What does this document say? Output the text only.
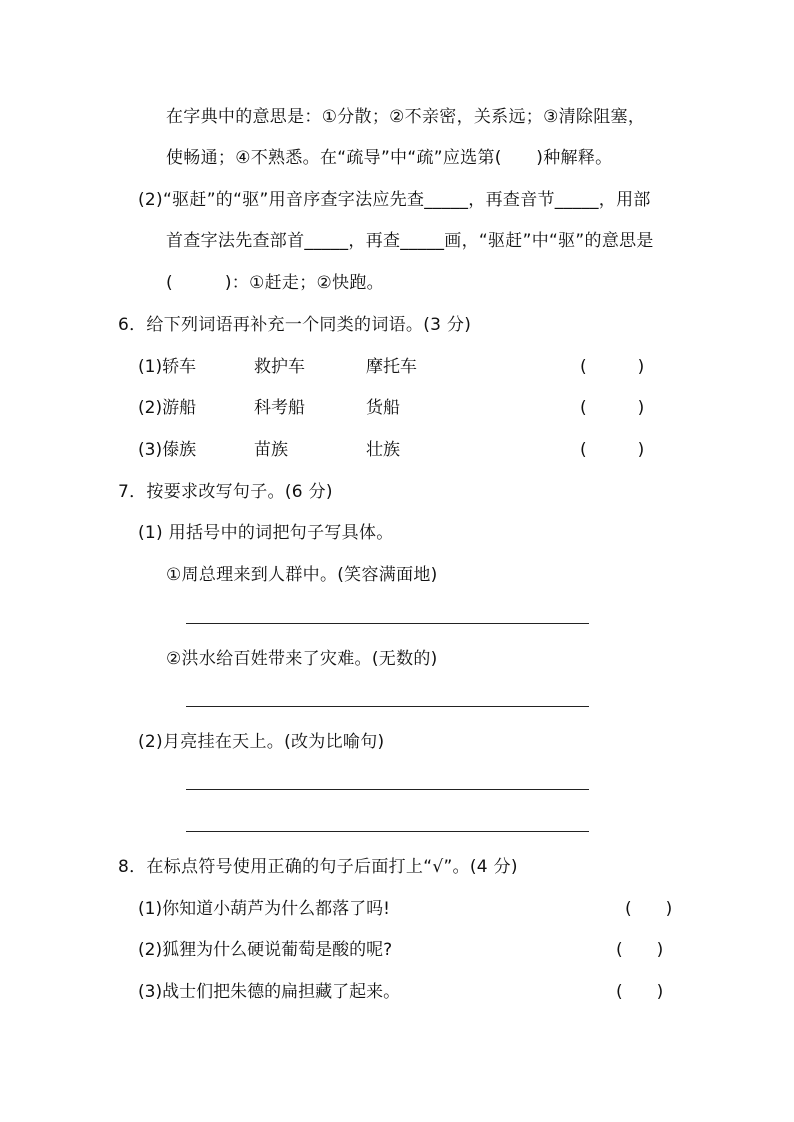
在字典中的意思是：①分散；②不亲密，关系远；③清除阻塞，
使畅通；④不熟悉。在“疏导”中“疏”应选第(　　)种解释。
(2)“驱赶”的“驱”用音序查字法应先查_____，再查音节_____，用部
首查字法先查部首_____，再查_____画，“驱赶”中“驱”的意思是
(　　　)：①赶走；②快跑。
6．给下列词语再补充一个同类的词语。(3 分)
(1)轿车	救护车	摩托车	(　　　)
(2)游船	科考船	货船	(　　　)
(3)傣族	苗族	壮族	(　　　)
7．按要求改写句子。(6 分)
(1) 用括号中的词把句子写具体。
①周总理来到人群中。(笑容满面地)
②洪水给百姓带来了灾难。(无数的)
(2)月亮挂在天上。(改为比喻句)
8．在标点符号使用正确的句子后面打上“√”。(4 分)
(1)你知道小葫芦为什么都落了吗!	(　　)
(2)狐狸为什么硬说葡萄是酸的呢?	(　　)
(3)战士们把朱德的扁担藏了起来。	(　　)
